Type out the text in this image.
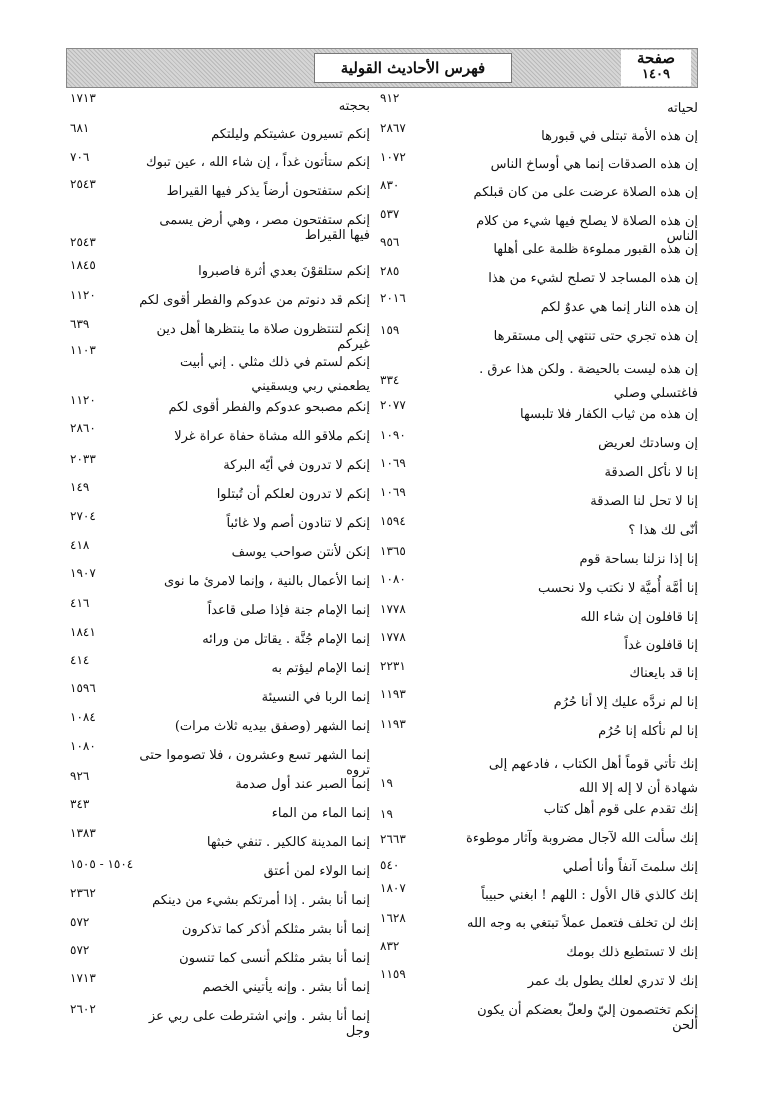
فهرس الأحاديث القولية
صفحة
١٤٠٩
لحياته
٩١٢
إن هذه الأمة تبتلى في قبورها
٢٨٦٧
إن هذه الصدقات إنما هي أوساخ الناس
١٠٧٢
إن هذه الصلاة عرضت على من كان قبلكم
٨٣٠
إن هذه الصلاة لا يصلح فيها شيء من كلام الناس
٥٣٧
إن هذه القبور مملوءة ظلمة على أهلها
٩٥٦
إن هذه المساجد لا تصلح لشيء من هذا
٢٨٥
إن هذه النار إنما هي عدوٌ لكم
٢٠١٦
إن هذه تجري حتى تنتهي إلى مستقرها
١٥٩
إن هذه ليست بالحيضة . ولكن هذا عرق . فاغتسلي وصلي
٣٣٤
إن هذه من ثياب الكفار فلا تلبسها
٢٠٧٧
إن وسادتك لعريض
١٠٩٠
إنا لا نأكل الصدقة
١٠٦٩
إنا لا تحل لنا الصدقة
١٠٦٩
أنّى لك هذا ؟
١٥٩٤
إنا إذا نزلنا بساحة قوم
١٣٦٥
إنا أمَّة أُميَّة لا نكتب ولا نحسب
١٠٨٠
إنا قافلون إن شاء الله
١٧٧٨
إنا قافلون غداً
١٧٧٨
إنا قد بايعناك
٢٢٣١
إنا لم نردَّه عليك إلا أنا حُرُم
١١٩٣
إنا لم نأكله إنا حُرُم
١١٩٣
إنك تأتي قوماً أهل الكتاب ، فادعهم إلى شهادة أن لا إله إلا الله
١٩
إنك تقدم على قوم أهل كتاب
١٩
إنك سألت الله لآجال مضروبة وآثار موطوءة
٢٦٦٣
إنك سلمتَ آنفاً وأنا أصلي
٥٤٠
إنك كالذي قال الأول : اللهم ! ابغني حبيباً
١٨٠٧
إنك لن تخلف فتعمل عملاً تبتغي به وجه الله
١٦٢٨
إنك لا تستطيع ذلك بومك
٨٣٢
إنك لا تدري لعلك يطول بك عمر
١١٥٩
إنكم تختصمون إليّ ولعلّ بعضكم أن يكون ألحن
بحجته
١٧١٣
إنكم تسيرون عشيتكم وليلتكم
٦٨١
إنكم ستأتون غداً ، إن شاء الله ، عين تبوك
٧٠٦
إنكم ستفتحون أرضاً يذكر فيها القيراط
٢٥٤٣
إنكم ستفتحون مصر ، وهي أرض يسمى فيها القيراط
٢٥٤٣
إنكم ستلقوْنَ بعدي أثرة فاصبروا
١٨٤٥
إنكم قد دنوتم من عدوكم والفطر أقوى لكم
١١٢٠
إنكم لتنتظرون صلاة ما ينتظرها أهل دين غيركم
٦٣٩
إنكم لستم في ذلك مثلي . إني أبيت يطعمني ربي ويسقيني
١١٠٣
إنكم مصبحو عدوكم والفطر أقوى لكم
١١٢٠
إنكم ملاقو الله مشاة حفاة عراة غرلا
٢٨٦٠
إنكم لا تدرون في أيّه البركة
٢٠٣٣
إنكم لا تدرون لعلكم أن تُبتلوا
١٤٩
إنكم لا تنادون أصم ولا غائباً
٢٧٠٤
إنكن لأنتن صواحب يوسف
٤١٨
إنما الأعمال بالنية ، وإنما لامرئ ما نوى
١٩٠٧
إنما الإمام جنة فإذا صلى قاعداً
٤١٦
إنما الإمام جُنَّة . يقاتل من ورائه
١٨٤١
إنما الإمام ليؤتم به
٤١٤
إنما الربا في النسيئة
١٥٩٦
إنما الشهر (وصفق بيديه ثلاث مرات)
١٠٨٤
إنما الشهر تسع وعشرون ، فلا تصوموا حتى تروه
١٠٨٠
إنما الصبر عند أول صدمة
٩٢٦
إنما الماء من الماء
٣٤٣
إنما المدينة كالكير . تنفي خبثها
١٣٨٣
إنما الولاء لمن أعتق
١٥٠٤ - ١٥٠٥
إنما أنا بشر . إذا أمرتكم بشيء من دينكم
٢٣٦٢
إنما أنا بشر مثلكم أذكر كما تذكرون
٥٧٢
إنما أنا بشر مثلكم أنسى كما تنسون
٥٧٢
إنما أنا بشر . وإنه يأتيني الخصم
١٧١٣
إنما أنا بشر . وإني اشترطت على ربي عز وجل
٢٦٠٢
